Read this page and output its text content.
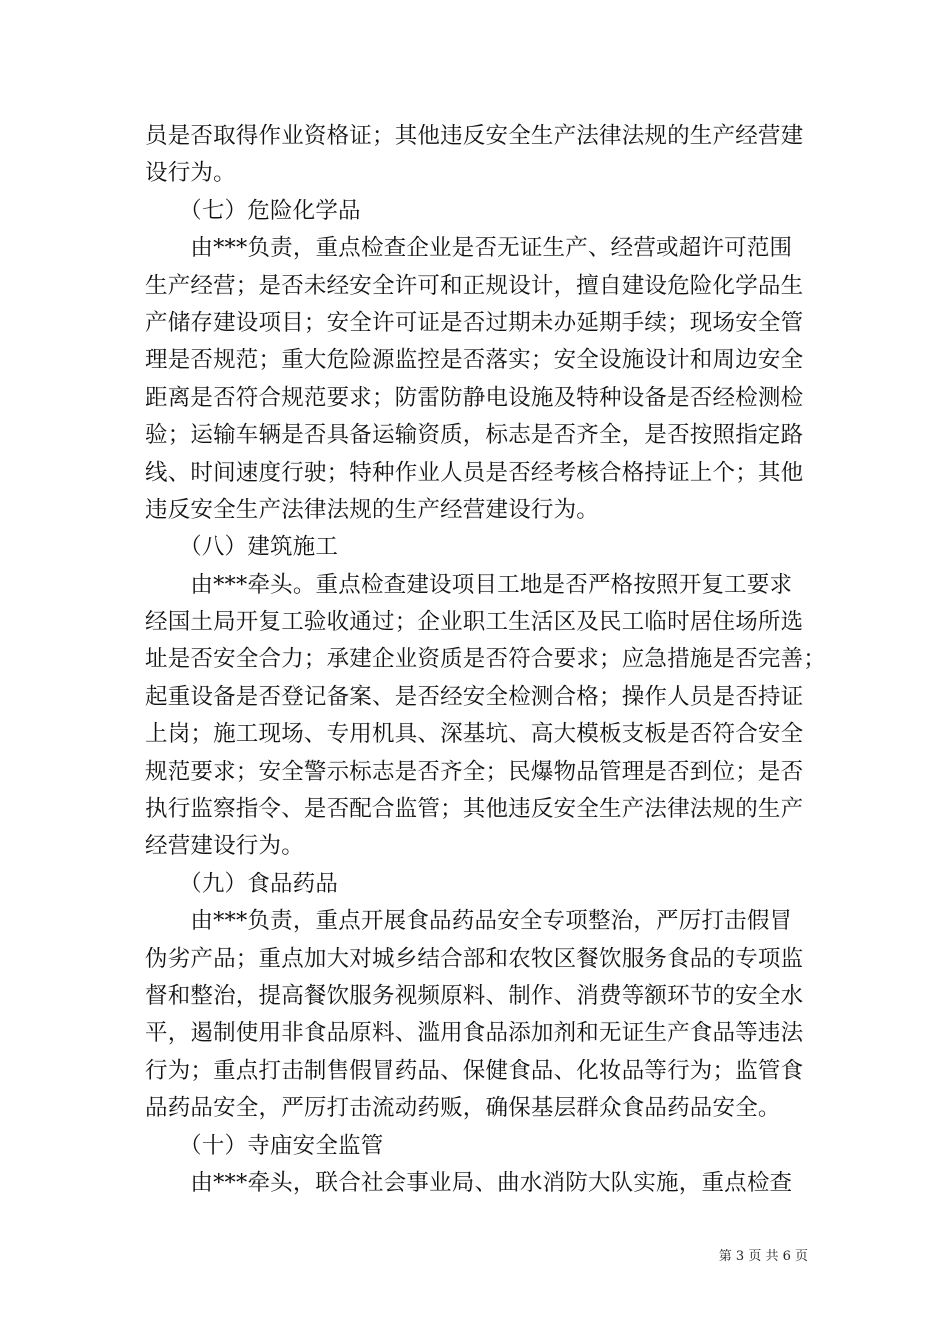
员是否取得作业资格证；其他违反安全生产法律法规的生产经营建
设行为。
　　（七）危险化学品
　　由***负责，重点检查企业是否无证生产、经营或超许可范围
生产经营；是否未经安全许可和正规设计，擅自建设危险化学品生
产储存建设项目；安全许可证是否过期未办延期手续；现场安全管
理是否规范；重大危险源监控是否落实；安全设施设计和周边安全
距离是否符合规范要求；防雷防静电设施及特种设备是否经检测检
验；运输车辆是否具备运输资质，标志是否齐全，是否按照指定路
线、时间速度行驶；特种作业人员是否经考核合格持证上个；其他
违反安全生产法律法规的生产经营建设行为。
　　（八）建筑施工
　　由***牵头。重点检查建设项目工地是否严格按照开复工要求
经国土局开复工验收通过；企业职工生活区及民工临时居住场所选
址是否安全合力；承建企业资质是否符合要求；应急措施是否完善；
起重设备是否登记备案、是否经安全检测合格；操作人员是否持证
上岗；施工现场、专用机具、深基坑、高大模板支板是否符合安全
规范要求；安全警示标志是否齐全；民爆物品管理是否到位；是否
执行监察指令、是否配合监管；其他违反安全生产法律法规的生产
经营建设行为。
　　（九）食品药品
　　由***负责，重点开展食品药品安全专项整治，严厉打击假冒
伪劣产品；重点加大对城乡结合部和农牧区餐饮服务食品的专项监
督和整治，提高餐饮服务视频原料、制作、消费等额环节的安全水
平，遏制使用非食品原料、滥用食品添加剂和无证生产食品等违法
行为；重点打击制售假冒药品、保健食品、化妆品等行为；监管食
品药品安全，严厉打击流动药贩，确保基层群众食品药品安全。
　　（十）寺庙安全监管
　　由***牵头，联合社会事业局、曲水消防大队实施，重点检查
第 3 页 共 6 页
